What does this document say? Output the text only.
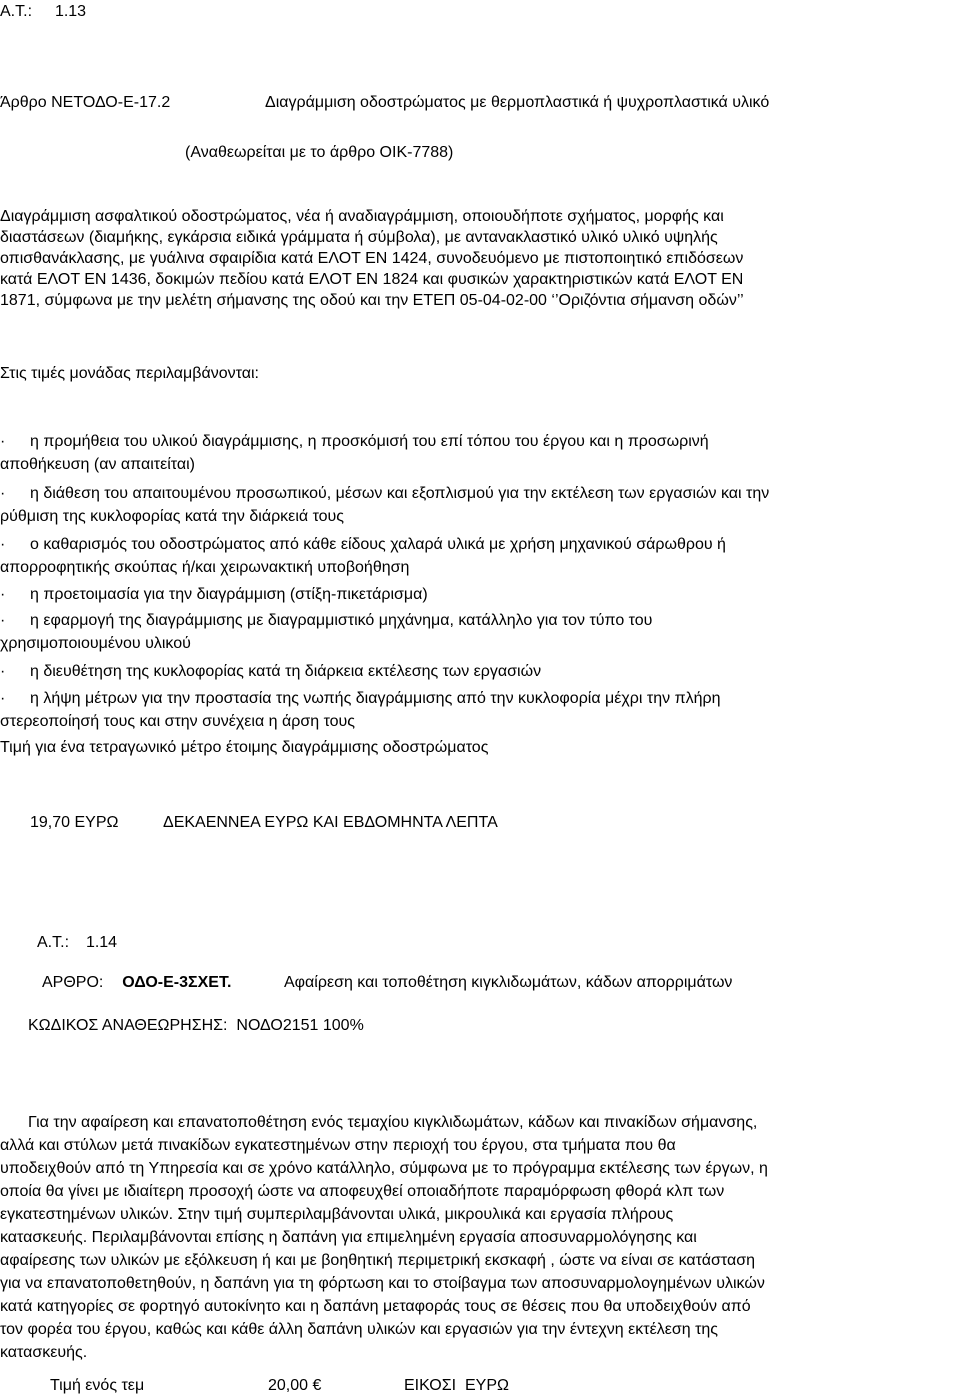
Α.Τ.: 1.13
Άρθρο ΝΕΤΟΔΟ-Ε-17.2	Διαγράμμιση οδοστρώματος με θερμοπλαστικά ή ψυχροπλαστικά υλικό
(Αναθεωρείται με το άρθρο ΟΙΚ-7788)
Διαγράμμιση ασφαλτικού οδοστρώματος, νέα ή αναδιαγράμμιση, οποιουδήποτε σχήματος, μορφής και
διαστάσεων (διαμήκης, εγκάρσια ειδικά γράμματα ή σύμβολα), με αντανακλαστικό υλικό υλικό υψηλής
οπισθανάκλασης, με γυάλινα σφαιρίδια κατά ΕΛΟΤ ΕΝ 1424, συνοδευόμενο με πιστοποιητικό επιδόσεων
κατά ΕΛΟΤ ΕΝ 1436, δοκιμών πεδίου κατά ΕΛΟΤ ΕΝ 1824 και φυσικών χαρακτηριστικών κατά ΕΛΟΤ ΕΝ
1871, σύμφωνα με την μελέτη σήμανσης της οδού και την ΕΤΕΠ 05-04-02-00 ‘’Οριζόντια σήμανση οδών’’
Στις τιμές μονάδας περιλαμβάνονται:
· η προμήθεια του υλικού διαγράμμισης, η προσκόμισή του επί τόπου του έργου και η προσωρινή
αποθήκευση (αν απαιτείται)
· η διάθεση του απαιτουμένου προσωπικού, μέσων και εξοπλισμού για την εκτέλεση των εργασιών και την
ρύθμιση της κυκλοφορίας κατά την διάρκειά τους
· ο καθαρισμός του οδοστρώματος από κάθε είδους χαλαρά υλικά με χρήση μηχανικού σάρωθρου ή
απορροφητικής σκούπας ή/και χειρωνακτική υποβοήθηση
· η προετοιμασία για την διαγράμμιση (στίξη-πικετάρισμα)
· η εφαρμογή της διαγράμμισης με διαγραμμιστικό μηχάνημα, κατάλληλο για τον τύπο του
χρησιμοποιουμένου υλικού
· η διευθέτηση της κυκλοφορίας κατά τη διάρκεια εκτέλεσης των εργασιών
· η λήψη μέτρων για την προστασία της νωπής διαγράμμισης από την κυκλοφορία μέχρι την πλήρη
στερεοποίησή τους και στην συνέχεια η άρση τους
Τιμή για ένα τετραγωνικό μέτρο έτοιμης διαγράμμισης οδοστρώματος
19,70 ΕΥΡΩ	ΔΕΚΑΕΝΝΕΑ ΕΥΡΩ ΚΑΙ ΕΒΔΟΜΗΝΤΑ ΛΕΠΤΑ
Α.Τ.: 1.14
ΑΡΘΡΟ: ΟΔΟ-Ε-3ΣΧΕΤ.	Αφαίρεση και τοποθέτηση κιγκλιδωμάτων, κάδων απορριμάτων
ΚΩΔΙΚΟΣ ΑΝΑΘΕΩΡΗΣΗΣ:  ΝΟΔΟ2151 100%
Για την αφαίρεση και επανατοποθέτηση ενός τεμαχίου κιγκλιδωμάτων, κάδων και πινακίδων σήμανσης,
αλλά και στύλων μετά πινακίδων εγκατεστημένων στην περιοχή του έργου, στα τμήματα που θα
υποδειχθούν από τη Υπηρεσία και σε χρόνο κατάλληλο, σύμφωνα με το πρόγραμμα εκτέλεσης των έργων, η
οποία θα γίνει με ιδιαίτερη προσοχή ώστε να αποφευχθεί οποιαδήποτε παραμόρφωση φθορά κλπ των
εγκατεστημένων υλικών. Στην τιμή συμπεριλαμβάνονται υλικά, μικρουλικά και εργασία πλήρους
κατασκευής. Περιλαμβάνονται επίσης η δαπάνη για επιμελημένη εργασία αποσυναρμολόγησης και
αφαίρεσης των υλικών με εξόλκευση ή και με βοηθητική περιμετρική εκσκαφή , ώστε να είναι σε κατάσταση
για να επανατοποθετηθούν, η δαπάνη για τη φόρτωση και το στοίβαγμα των αποσυναρμολογημένων υλικών
κατά κατηγορίες σε φορτηγό αυτοκίνητο και η δαπάνη μεταφοράς τους σε θέσεις που θα υποδειχθούν από
τον φορέα του έργου, καθώς και κάθε άλλη δαπάνη υλικών και εργασιών για την έντεχνη εκτέλεση της
κατασκευής.
Τιμή ενός τεμ	20,00 €	ΕΙΚΟΣΙ  ΕΥΡΩ
